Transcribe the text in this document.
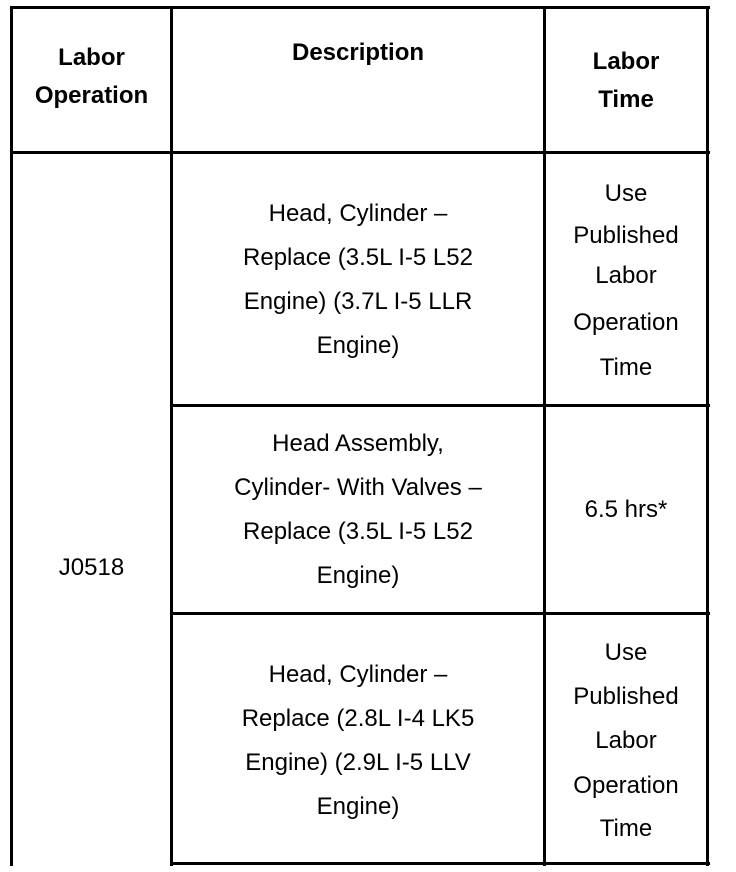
Labor
Operation
Description	Labor
Time
J0518
Head, Cylinder –
Replace (3.5L I-5 L52
Engine) (3.7L I-5 LLR
Engine)
Use
Published
Labor
Operation
Time
Head Assembly,
Cylinder- With Valves –
Replace (3.5L I-5 L52
Engine)
6.5 hrs*
Head, Cylinder –
Replace (2.8L I-4 LK5
Engine) (2.9L I-5 LLV
Engine)
Use
Published
Labor
Operation
Time
